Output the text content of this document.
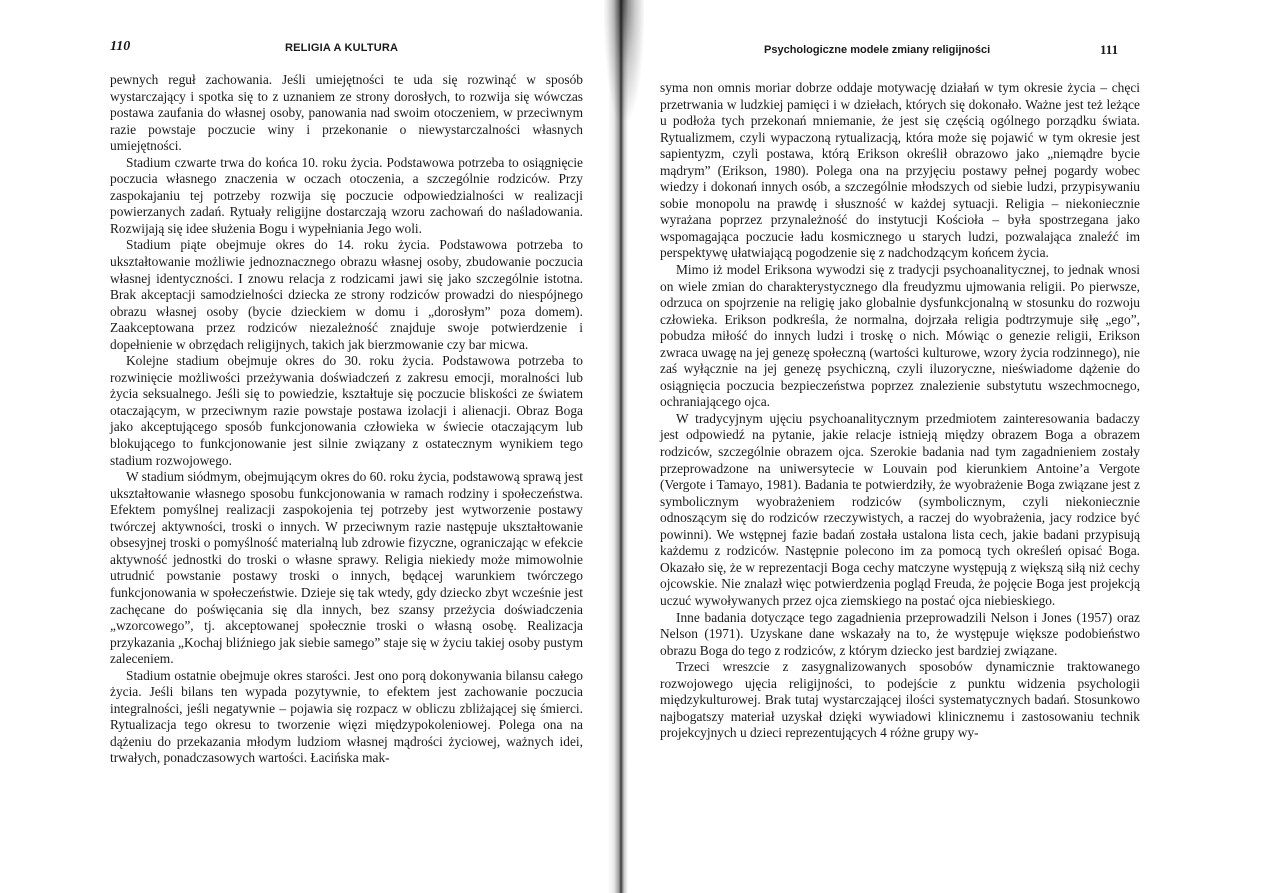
110	RELIGIA A KULTURA

pewnych reguł zachowania. Jeśli umiejętności te uda się rozwinąć w sposób wystarczający i spotka się to z uznaniem ze strony dorosłych, to rozwija się wówczas postawa zaufania do własnej osoby, panowania nad swoim otoczeniem, w przeciwnym razie powstaje poczucie winy i przekonanie o niewystarczalności własnych umiejętności.

Stadium czwarte trwa do końca 10. roku życia. Podstawowa potrzeba to osiągnięcie poczucia własnego znaczenia w oczach otoczenia, a szczególnie rodziców. Przy zaspokajaniu tej potrzeby rozwija się poczucie odpowiedzialności w realizacji powierzanych zadań. Rytuały religijne dostarczają wzoru zachowań do naśladowania. Rozwijają się idee służenia Bogu i wypełniania Jego woli.

Stadium piąte obejmuje okres do 14. roku życia. Podstawowa potrzeba to ukształtowanie możliwie jednoznacznego obrazu własnej osoby, zbudowanie poczucia własnej identyczności. I znowu relacja z rodzicami jawi się jako szczególnie istotna. Brak akceptacji samodzielności dziecka ze strony rodziców prowadzi do niespójnego obrazu własnej osoby (bycie dzieckiem w domu i „dorosłym” poza domem). Zaakceptowana przez rodziców niezależność znajduje swoje potwierdzenie i dopełnienie w obrzędach religijnych, takich jak bierzmowanie czy bar micwa.

Kolejne stadium obejmuje okres do 30. roku życia. Podstawowa potrzeba to rozwinięcie możliwości przeżywania doświadczeń z zakresu emocji, moralności lub życia seksualnego. Jeśli się to powiedzie, kształtuje się poczucie bliskości ze światem otaczającym, w przeciwnym razie powstaje postawa izolacji i alienacji. Obraz Boga jako akceptującego sposób funkcjonowania człowieka w świecie otaczającym lub blokującego to funkcjonowanie jest silnie związany z ostatecznym wynikiem tego stadium rozwojowego.

W stadium siódmym, obejmującym okres do 60. roku życia, podstawową sprawą jest ukształtowanie własnego sposobu funkcjonowania w ramach rodziny i społeczeństwa. Efektem pomyślnej realizacji zaspokojenia tej potrzeby jest wytworzenie postawy twórczej aktywności, troski o innych. W przeciwnym razie następuje ukształtowanie obsesyjnej troski o pomyślność materialną lub zdrowie fizyczne, ograniczając w efekcie aktywność jednostki do troski o własne sprawy. Religia niekiedy może mimowolnie utrudnić powstanie postawy troski o innych, będącej warunkiem twórczego funkcjonowania w społeczeństwie. Dzieje się tak wtedy, gdy dziecko zbyt wcześnie jest zachęcane do poświęcania się dla innych, bez szansy przeżycia doświadczenia „wzorcowego”, tj. akceptowanej społecznie troski o własną osobę. Realizacja przykazania „Kochaj bliźniego jak siebie samego” staje się w życiu takiej osoby pustym zaleceniem.

Stadium ostatnie obejmuje okres starości. Jest ono porą dokonywania bilansu całego życia. Jeśli bilans ten wypada pozytywnie, to efektem jest zachowanie poczucia integralności, jeśli negatywnie – pojawia się rozpacz w obliczu zbliżającej się śmierci. Rytualizacja tego okresu to tworzenie więzi międzypokoleniowej. Polega ona na dążeniu do przekazania młodym ludziom własnej mądrości życiowej, ważnych idei, trwałych, ponadczasowych wartości. Łacińska mak-

Psychologiczne modele zmiany religijności	111

syma non omnis moriar dobrze oddaje motywację działań w tym okresie życia – chęci przetrwania w ludzkiej pamięci i w dziełach, których się dokonało. Ważne jest też leżące u podłoża tych przekonań mniemanie, że jest się częścią ogólnego porządku świata. Rytualizmem, czyli wypaczoną rytualizacją, która może się pojawić w tym okresie jest sapientyzm, czyli postawa, którą Erikson określił obrazowo jako „niemądre bycie mądrym” (Erikson, 1980). Polega ona na przyjęciu postawy pełnej pogardy wobec wiedzy i dokonań innych osób, a szczególnie młodszych od siebie ludzi, przypisywaniu sobie monopolu na prawdę i słuszność w każdej sytuacji. Religia – niekoniecznie wyrażana poprzez przynależność do instytucji Kościoła – była spostrzegana jako wspomagająca poczucie ładu kosmicznego u starych ludzi, pozwalająca znaleźć im perspektywę ułatwiającą pogodzenie się z nadchodzącym końcem życia.

Mimo iż model Eriksona wywodzi się z tradycji psychoanalitycznej, to jednak wnosi on wiele zmian do charakterystycznego dla freudyzmu ujmowania religii. Po pierwsze, odrzuca on spojrzenie na religię jako globalnie dysfunkcjonalną w stosunku do rozwoju człowieka. Erikson podkreśla, że normalna, dojrzała religia podtrzymuje siłę „ego”, pobudza miłość do innych ludzi i troskę o nich. Mówiąc o genezie religii, Erikson zwraca uwagę na jej genezę społeczną (wartości kulturowe, wzory życia rodzinnego), nie zaś wyłącznie na jej genezę psychiczną, czyli iluzoryczne, nieświadome dążenie do osiągnięcia poczucia bezpieczeństwa poprzez znalezienie substytutu wszechmocnego, ochraniającego ojca.

W tradycyjnym ujęciu psychoanalitycznym przedmiotem zainteresowania badaczy jest odpowiedź na pytanie, jakie relacje istnieją między obrazem Boga a obrazem rodziców, szczególnie obrazem ojca. Szerokie badania nad tym zagadnieniem zostały przeprowadzone na uniwersytecie w Louvain pod kierunkiem Antoine’a Vergote (Vergote i Tamayo, 1981). Badania te potwierdziły, że wyobrażenie Boga związane jest z symbolicznym wyobrażeniem rodziców (symbolicznym, czyli niekoniecznie odnoszącym się do rodziców rzeczywistych, a raczej do wyobrażenia, jacy rodzice być powinni). We wstępnej fazie badań została ustalona lista cech, jakie badani przypisują każdemu z rodziców. Następnie polecono im za pomocą tych określeń opisać Boga. Okazało się, że w reprezentacji Boga cechy matczyne występują z większą siłą niż cechy ojcowskie. Nie znalazł więc potwierdzenia pogląd Freuda, że pojęcie Boga jest projekcją uczuć wywoływanych przez ojca ziemskiego na postać ojca niebieskiego.

Inne badania dotyczące tego zagadnienia przeprowadzili Nelson i Jones (1957) oraz Nelson (1971). Uzyskane dane wskazały na to, że występuje większe podobieństwo obrazu Boga do tego z rodziców, z którym dziecko jest bardziej związane.

Trzeci wreszcie z zasygnalizowanych sposobów dynamicznie traktowanego rozwojowego ujęcia religijności, to podejście z punktu widzenia psychologii międzykulturowej. Brak tutaj wystarczającej ilości systematycznych badań. Stosunkowo najbogatszy materiał uzyskał dzięki wywiadowi klinicznemu i zastosowaniu technik projekcyjnych u dzieci reprezentujących 4 różne grupy wy-
